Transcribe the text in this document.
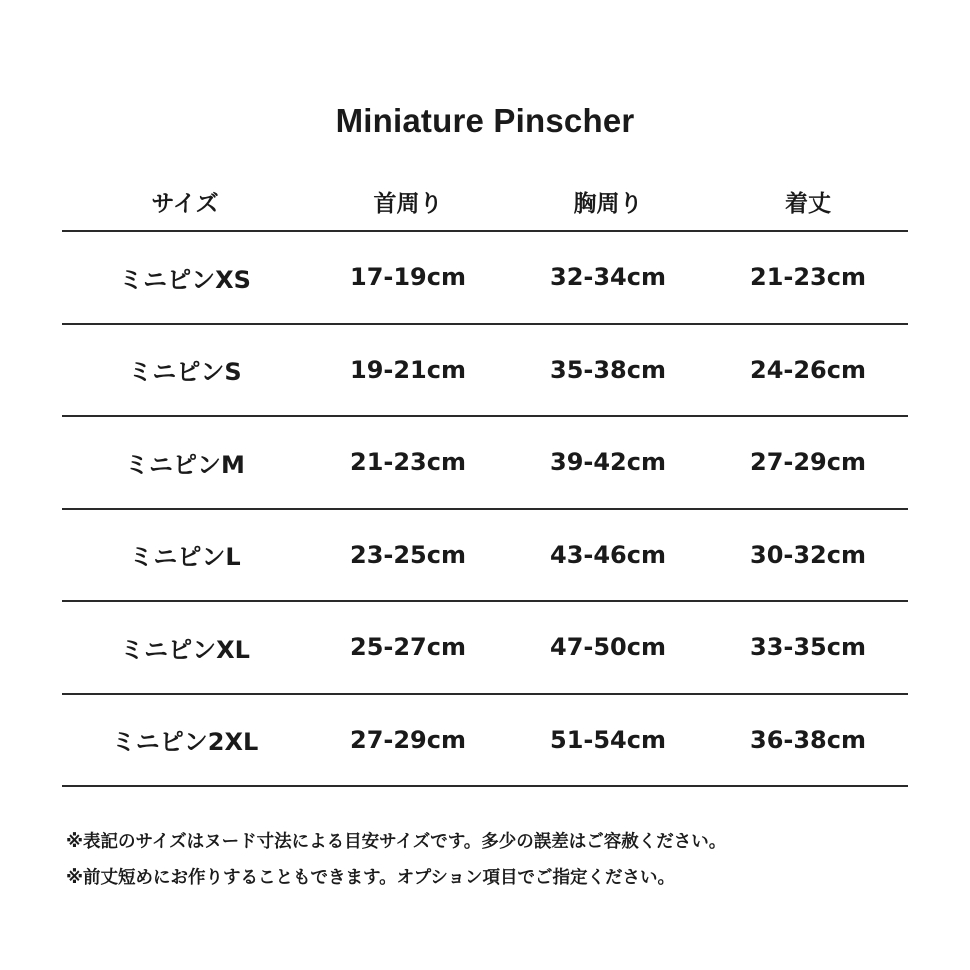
Miniature Pinscher
サイズ	首周り	胸周り	着丈
ミニピンXS	17-19cm	32-34cm	21-23cm
ミニピンS	19-21cm	35-38cm	24-26cm
ミニピンM	21-23cm	39-42cm	27-29cm
ミニピンL	23-25cm	43-46cm	30-32cm
ミニピンXL	25-27cm	47-50cm	33-35cm
ミニピン2XL	27-29cm	51-54cm	36-38cm
※表記のサイズはヌード寸法による目安サイズです。多少の誤差はご容赦ください。
※前丈短めにお作りすることもできます。オプション項目でご指定ください。
